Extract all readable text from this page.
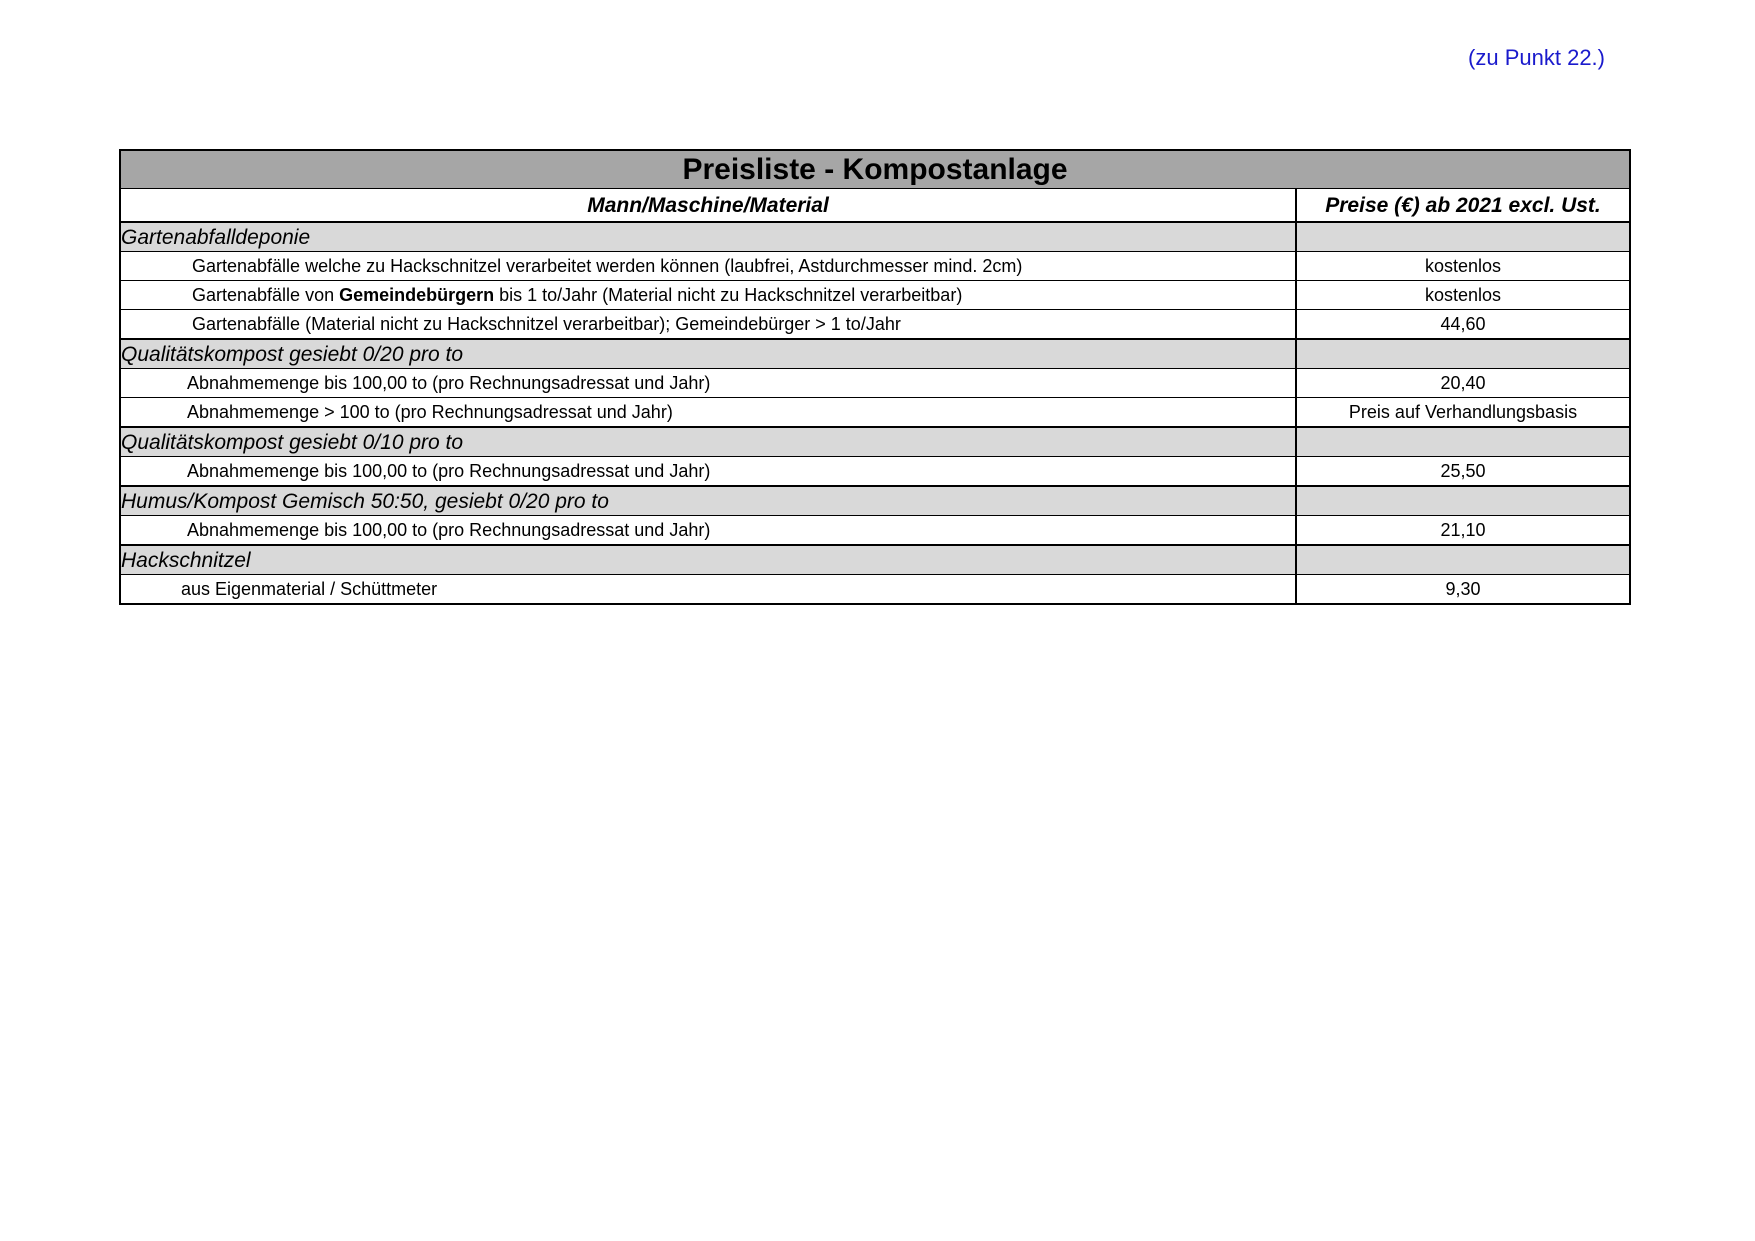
(zu Punkt 22.)
Preisliste - Kompostanlage	
Mann/Maschine/Material	Preise (€) ab 2021 excl. Ust.
Gartenabfalldeponie	
Gartenabfälle welche zu Hackschnitzel verarbeitet werden können (laubfrei, Astdurchmesser mind. 2cm)	kostenlos
Gartenabfälle von Gemeindebürgern bis 1 to/Jahr (Material nicht zu Hackschnitzel verarbeitbar)	kostenlos
Gartenabfälle (Material nicht zu Hackschnitzel verarbeitbar); Gemeindebürger > 1 to/Jahr	44,60
Qualitätskompost gesiebt 0/20 pro to	
Abnahmemenge bis 100,00 to (pro Rechnungsadressat und Jahr)	20,40
Abnahmemenge > 100 to (pro Rechnungsadressat und Jahr)	Preis auf Verhandlungsbasis
Qualitätskompost gesiebt 0/10 pro to	
Abnahmemenge bis 100,00 to (pro Rechnungsadressat und Jahr)	25,50
Humus/Kompost Gemisch 50:50, gesiebt 0/20 pro to	
Abnahmemenge bis 100,00 to (pro Rechnungsadressat und Jahr)	21,10
Hackschnitzel	
aus Eigenmaterial / Schüttmeter	9,30
